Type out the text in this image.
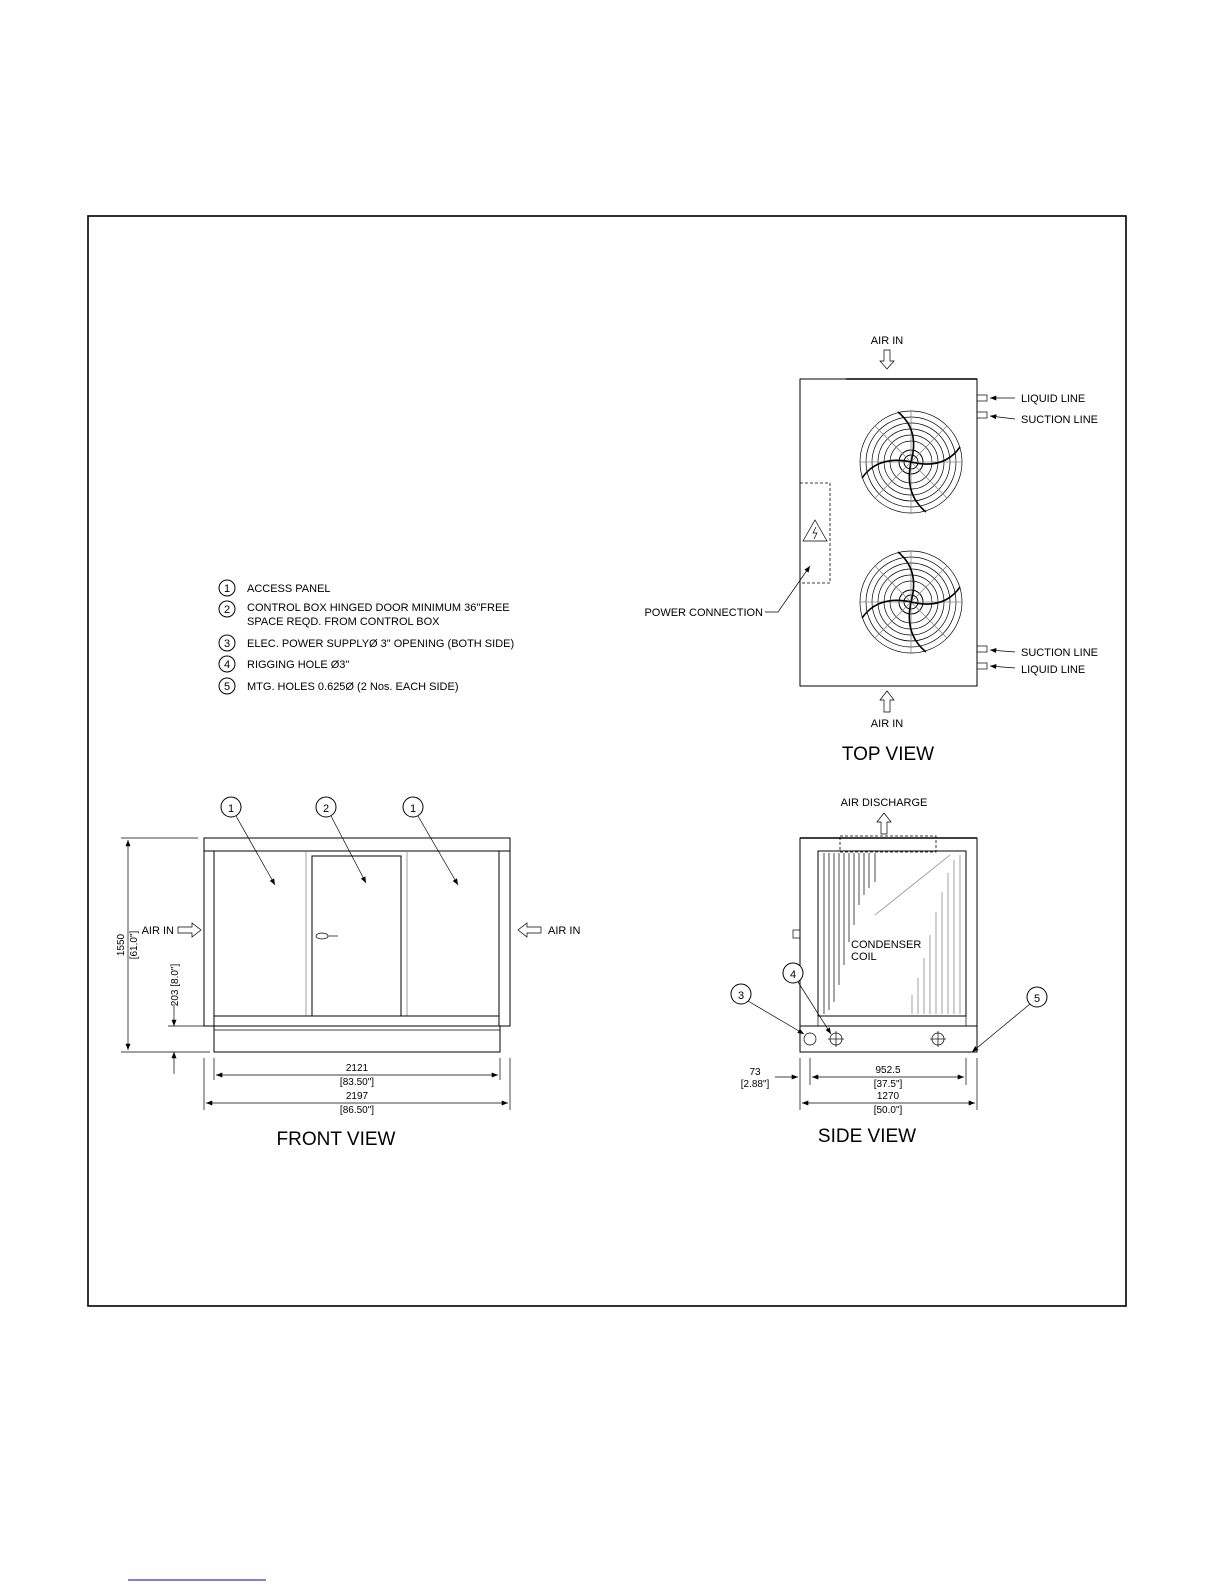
1 ACCESS PANEL
2 CONTROL BOX HINGED DOOR MINIMUM 36"FREE
SPACE REQD. FROM CONTROL BOX
3 ELEC. POWER SUPPLYØ 3" OPENING (BOTH SIDE)
4 RIGGING HOLE Ø3"
5 MTG. HOLES 0.625Ø (2 Nos. EACH SIDE)
AIR IN
AIR IN
POWER CONNECTION
LIQUID LINE
SUCTION LINE
SUCTION LINE
LIQUID LINE
TOP VIEW
1	2	1
AIR IN	AIR IN
1550 [61.0"]
203 [8.0"]
2121
[83.50"]
2197
[86.50"]
FRONT VIEW
AIR DISCHARGE
CONDENSER
COIL
3
4
5
73
[2.88"]
952.5
[37.5"]
1270
[50.0"]
SIDE VIEW
